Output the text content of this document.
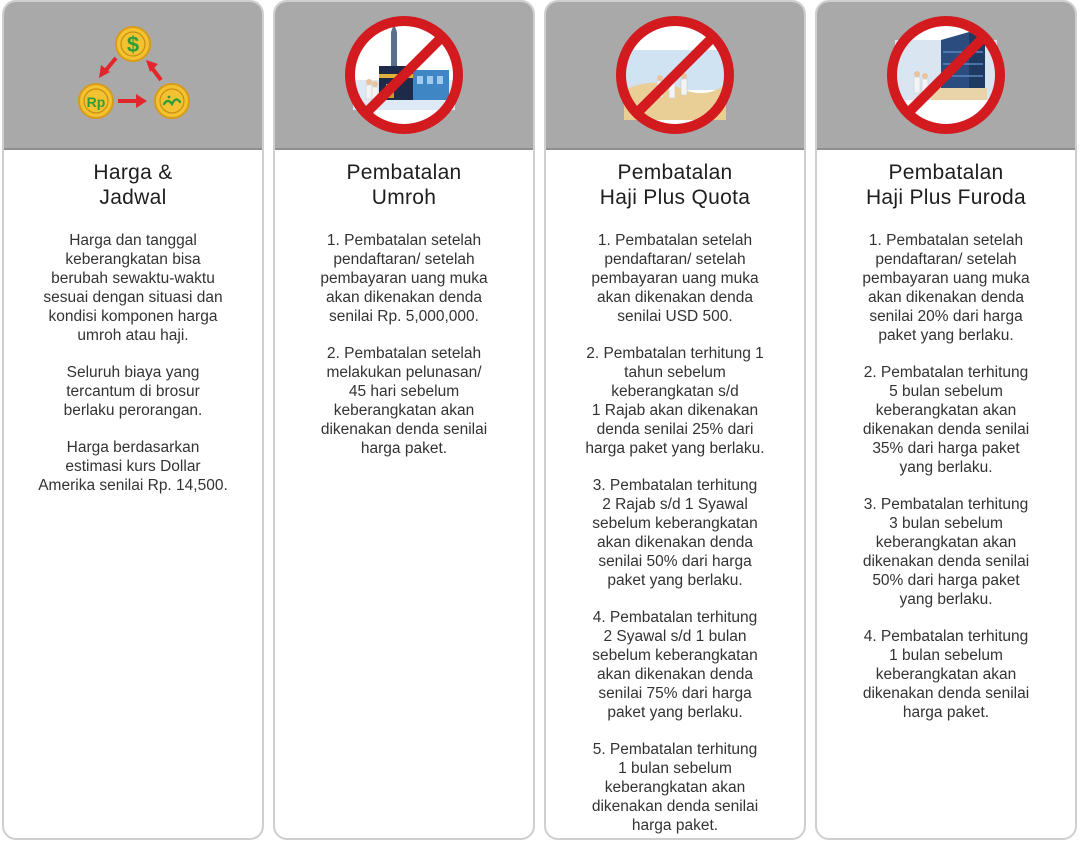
$
Rp
Harga &
Jadwal

Harga dan tanggal
keberangkatan bisa
berubah sewaktu-waktu
sesuai dengan situasi dan
kondisi komponen harga
umroh atau haji.

Seluruh biaya yang
tercantum di brosur
berlaku perorangan.

Harga berdasarkan
estimasi kurs Dollar
Amerika senilai Rp. 14,500.

Pembatalan
Umroh

1. Pembatalan setelah
pendaftaran/ setelah
pembayaran uang muka
akan dikenakan denda
senilai Rp. 5,000,000.

2. Pembatalan setelah
melakukan pelunasan/
45 hari sebelum
keberangkatan akan
dikenakan denda senilai
harga paket.

Pembatalan
Haji Plus Quota

1. Pembatalan setelah
pendaftaran/ setelah
pembayaran uang muka
akan dikenakan denda
senilai USD 500.

2. Pembatalan terhitung 1
tahun sebelum
keberangkatan s/d
1 Rajab akan dikenakan
denda senilai 25% dari
harga paket yang berlaku.

3. Pembatalan terhitung
2 Rajab s/d 1 Syawal
sebelum keberangkatan
akan dikenakan denda
senilai 50% dari harga
paket yang berlaku.

4. Pembatalan terhitung
2 Syawal s/d 1 bulan
sebelum keberangkatan
akan dikenakan denda
senilai 75% dari harga
paket yang berlaku.

5. Pembatalan terhitung
1 bulan sebelum
keberangkatan akan
dikenakan denda senilai
harga paket.

Pembatalan
Haji Plus Furoda

1. Pembatalan setelah
pendaftaran/ setelah
pembayaran uang muka
akan dikenakan denda
senilai 20% dari harga
paket yang berlaku.

2. Pembatalan terhitung
5 bulan sebelum
keberangkatan akan
dikenakan denda senilai
35% dari harga paket
yang berlaku.

3. Pembatalan terhitung
3 bulan sebelum
keberangkatan akan
dikenakan denda senilai
50% dari harga paket
yang berlaku.

4. Pembatalan terhitung
1 bulan sebelum
keberangkatan akan
dikenakan denda senilai
harga paket.
